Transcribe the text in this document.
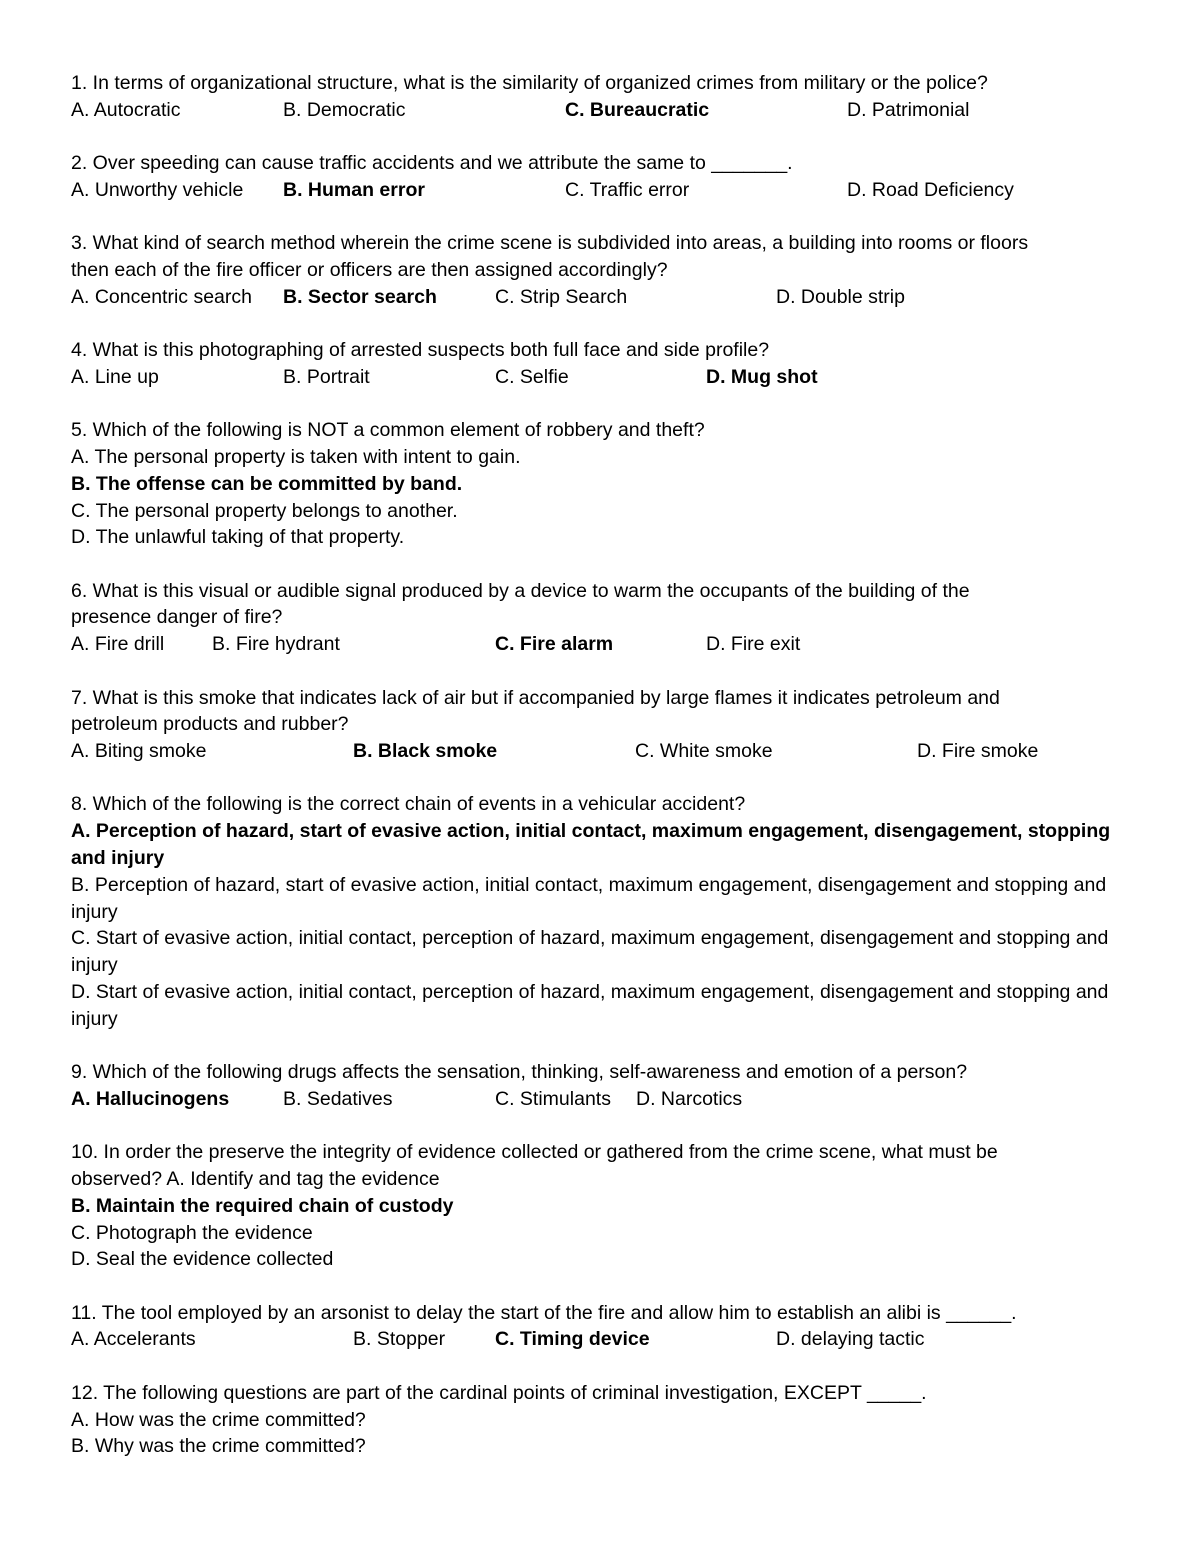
1. In terms of organizational structure, what is the similarity of organized crimes from military or the police?
A. Autocratic	B. Democratic	C. Bureaucratic	D. Patrimonial
2. Over speeding can cause traffic accidents and we attribute the same to _______.
A. Unworthy vehicle B. Human error	C. Traffic error	D. Road Deficiency
3. What kind of search method wherein the crime scene is subdivided into areas, a building into rooms or floors
then each of the fire officer or officers are then assigned accordingly?
A. Concentric search B. Sector search	C. Strip Search	D. Double strip
4. What is this photographing of arrested suspects both full face and side profile?
A. Line up	B. Portrait	C. Selfie	D. Mug shot
5. Which of the following is NOT a common element of robbery and theft?
A. The personal property is taken with intent to gain.
B. The offense can be committed by band.
C. The personal property belongs to another.
D. The unlawful taking of that property.
6. What is this visual or audible signal produced by a device to warm the occupants of the building of the
presence danger of fire?
A. Fire drill B. Fire hydrant	C. Fire alarm	D. Fire exit
7. What is this smoke that indicates lack of air but if accompanied by large flames it indicates petroleum and
petroleum products and rubber?
A. Biting smoke	B. Black smoke	C. White smoke	D. Fire smoke
8. Which of the following is the correct chain of events in a vehicular accident?
A. Perception of hazard, start of evasive action, initial contact, maximum engagement, disengagement, stopping and injury
B. Perception of hazard, start of evasive action, initial contact, maximum engagement, disengagement and stopping and injury
C. Start of evasive action, initial contact, perception of hazard, maximum engagement, disengagement and stopping and injury
D. Start of evasive action, initial contact, perception of hazard, maximum engagement, disengagement and stopping and injury
9. Which of the following drugs affects the sensation, thinking, self-awareness and emotion of a person?
A. Hallucinogens	B. Sedatives	C. Stimulants D. Narcotics
10. In order the preserve the integrity of evidence collected or gathered from the crime scene, what must be
observed? A. Identify and tag the evidence
B. Maintain the required chain of custody
C. Photograph the evidence
D. Seal the evidence collected
11. The tool employed by an arsonist to delay the start of the fire and allow him to establish an alibi is ______.
A. Accelerants	B. Stopper	C. Timing device	D. delaying tactic
12. The following questions are part of the cardinal points of criminal investigation, EXCEPT _____.
A. How was the crime committed?
B. Why was the crime committed?
